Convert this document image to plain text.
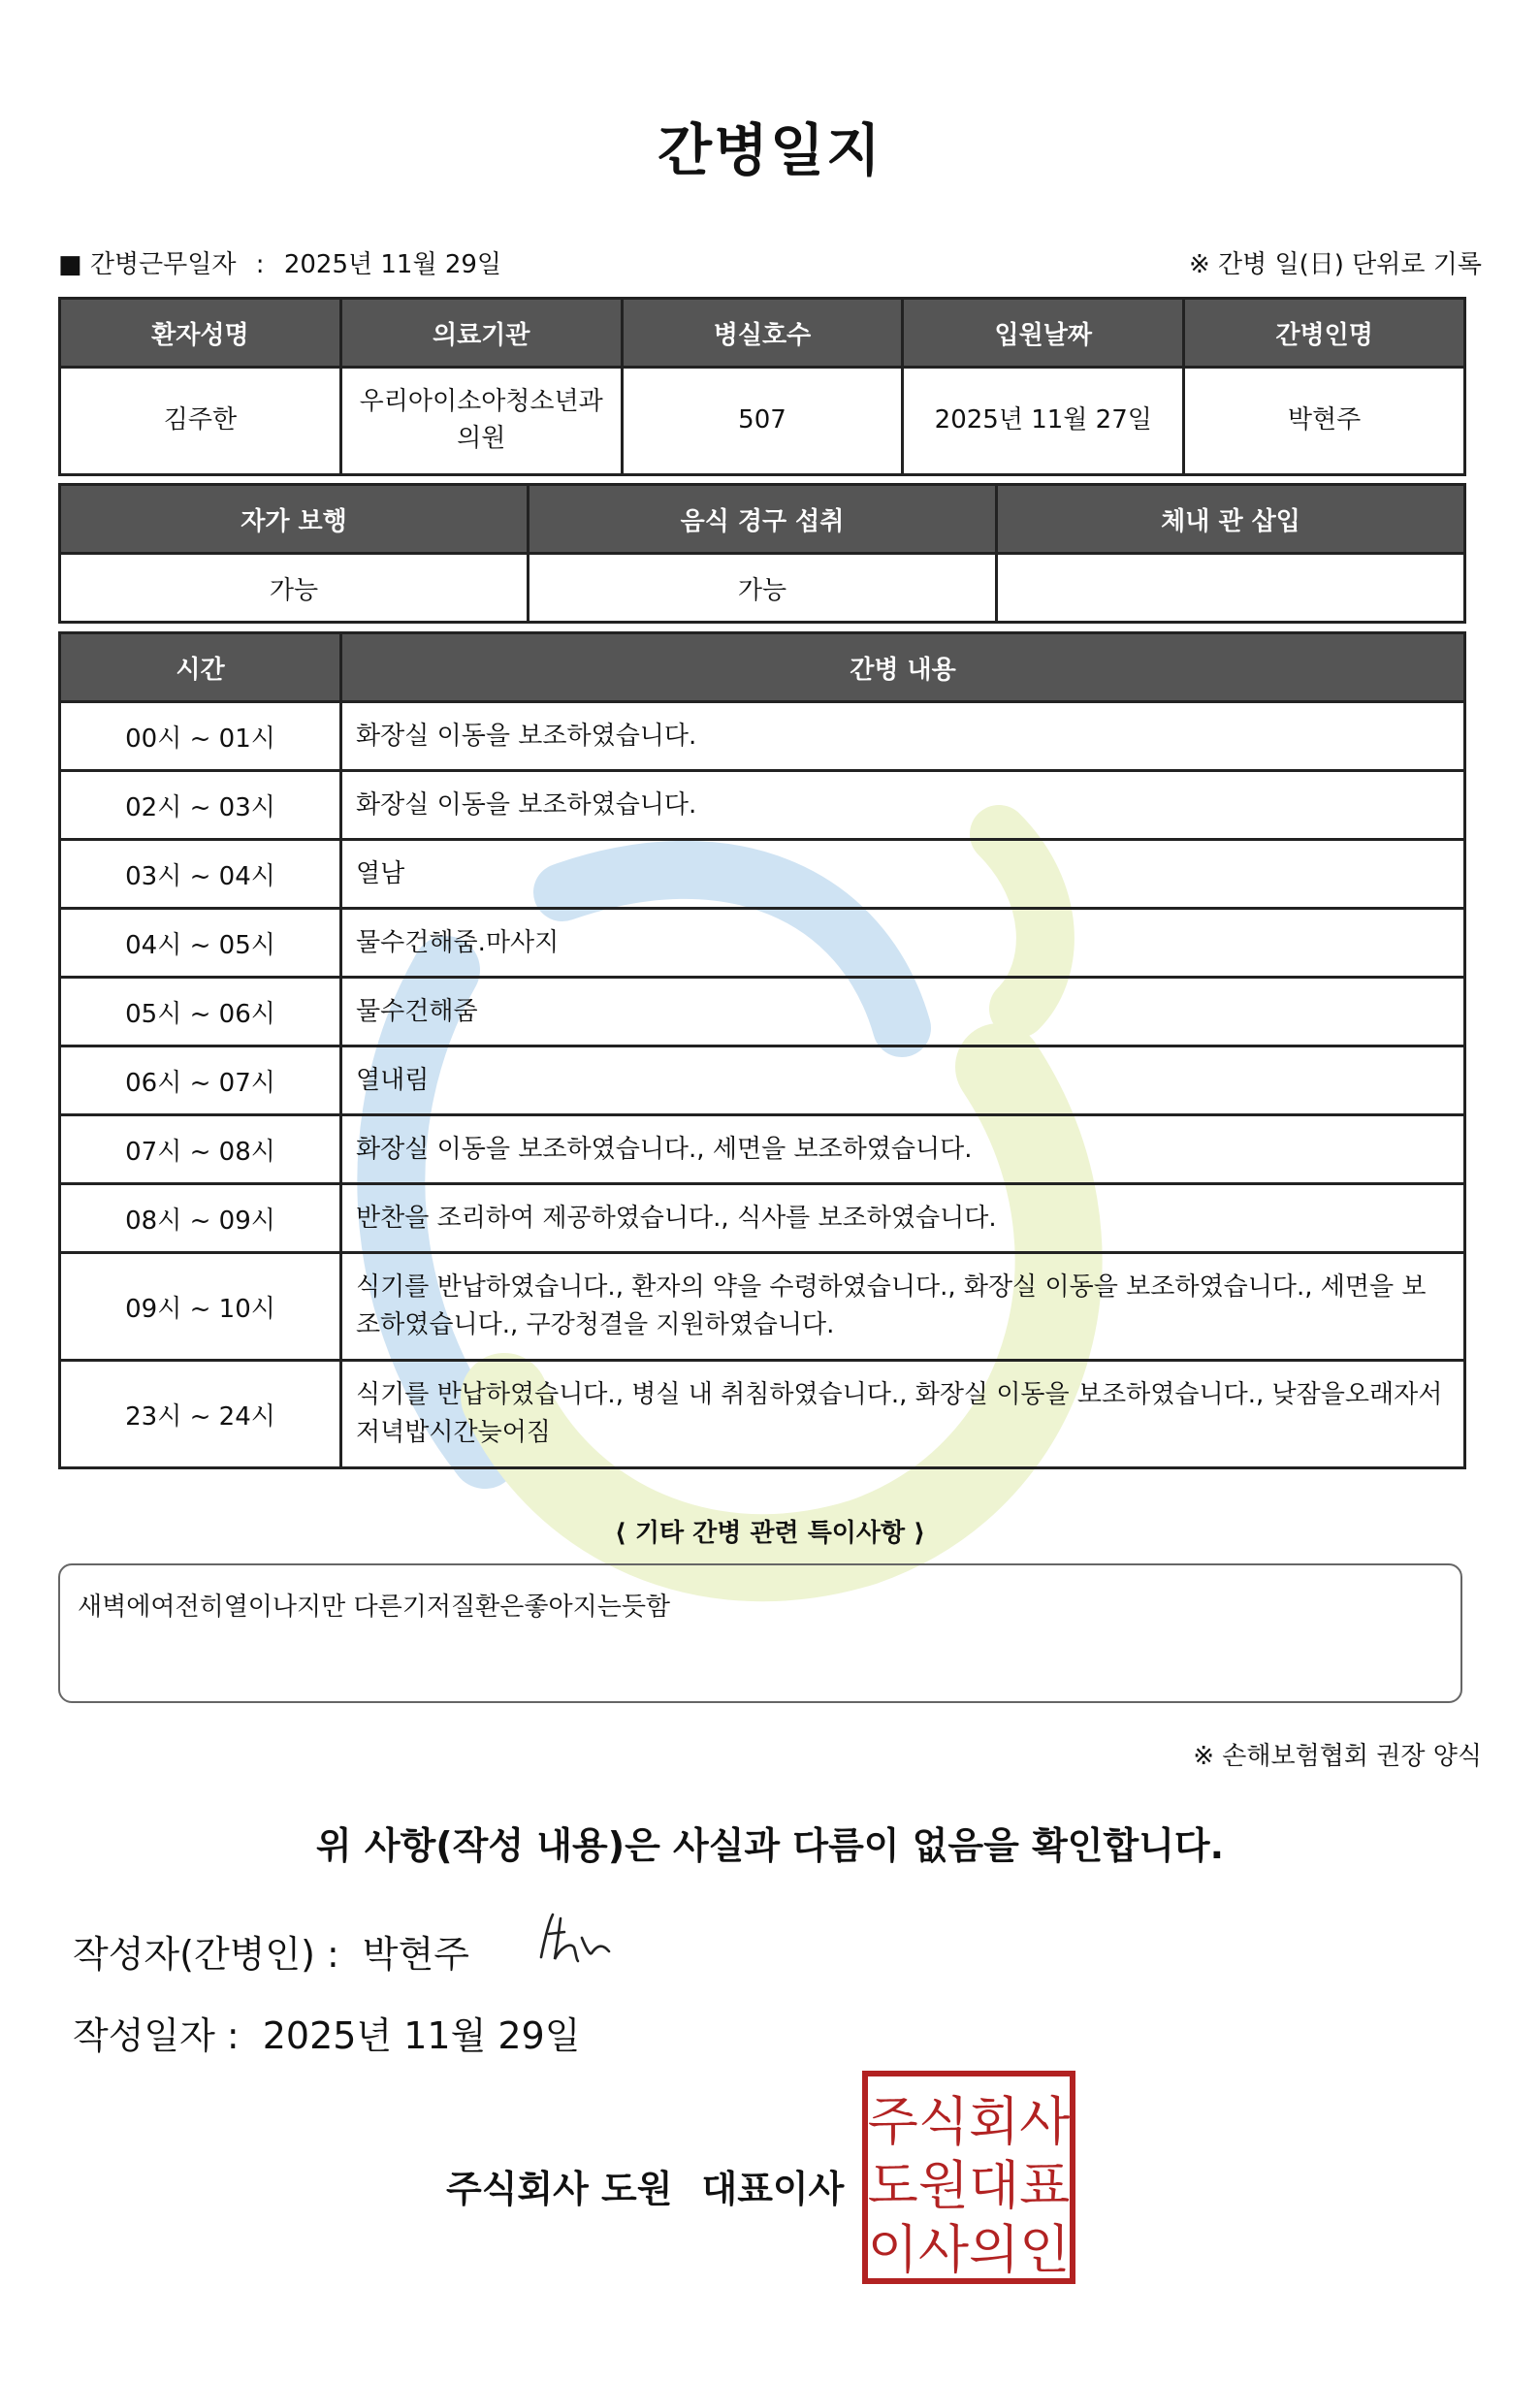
간병일지
■ 간병근무일자 : 2025년 11월 29일	※ 간병 일(日) 단위로 기록
환자성명	의료기관	병실호수	입원날짜	간병인명
김주한	우리아이소아청소년과의원	507	2025년 11월 27일	박현주
자가 보행	음식 경구 섭취	체내 관 삽입
가능	가능	
시간	간병 내용
00시 ~ 01시	화장실 이동을 보조하였습니다.
02시 ~ 03시	화장실 이동을 보조하였습니다.
03시 ~ 04시	열남
04시 ~ 05시	물수건해줌.마사지
05시 ~ 06시	물수건해줌
06시 ~ 07시	열내림
07시 ~ 08시	화장실 이동을 보조하였습니다., 세면을 보조하였습니다.
08시 ~ 09시	반찬을 조리하여 제공하였습니다., 식사를 보조하였습니다.
09시 ~ 10시	식기를 반납하였습니다., 환자의 약을 수령하였습니다., 화장실 이동을 보조하였습니다., 세면을 보조하였습니다., 구강청결을 지원하였습니다.
23시 ~ 24시	식기를 반납하였습니다., 병실 내 취침하였습니다., 화장실 이동을 보조하였습니다., 낮잠을오래자서 저녁밥시간늦어짐
⟨ 기타 간병 관련 특이사항 ⟩
새벽에여전히열이나지만 다른기저질환은좋아지는듯함
※ 손해보험협회 권장 양식
위 사항(작성 내용)은 사실과 다름이 없음을 확인합니다.
작성자(간병인) : 박현주
작성일자 : 2025년 11월 29일
주식회사 도원 대표이사
주식회사
도원대표
이사의인
